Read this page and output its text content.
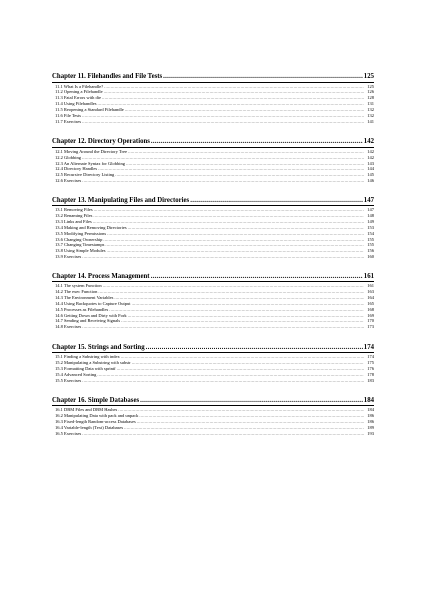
Chapter 11. Filehandles and File Tests .....	125
11.1 What Is a Filehandle? .....	125
11.2 Opening a Filehandle .....	126
11.3 Fatal Errors with die .....	128
11.4 Using Filehandles .....	131
11.5 Reopening a Standard Filehandle .....	132
11.6 File Tests .....	132
11.7 Exercises .....	141
Chapter 12. Directory Operations .....	142
12.1 Moving Around the Directory Tree .....	142
12.2 Globbing .....	142
12.3 An Alternate Syntax for Globbing .....	143
12.4 Directory Handles .....	144
12.5 Recursive Directory Listing .....	145
12.6 Exercises .....	146
Chapter 13. Manipulating Files and Directories .....	147
13.1 Removing Files .....	147
13.2 Renaming Files .....	148
13.3 Links and Files .....	149
13.4 Making and Removing Directories .....	153
13.5 Modifying Permissions .....	154
13.6 Changing Ownership .....	155
13.7 Changing Timestamps .....	155
13.8 Using Simple Modules .....	156
13.9 Exercises .....	160
Chapter 14. Process Management .....	161
14.1 The system Function .....	161
14.2 The exec Function .....	163
14.3 The Environment Variables .....	164
14.4 Using Backquotes to Capture Output .....	165
14.5 Processes as Filehandles .....	168
14.6 Getting Down and Dirty with Fork .....	169
14.7 Sending and Receiving Signals .....	170
14.8 Exercises .....	173
Chapter 15. Strings and Sorting .....	174
15.1 Finding a Substring with index .....	174
15.2 Manipulating a Substring with substr .....	175
15.3 Formatting Data with sprintf .....	176
15.4 Advanced Sorting .....	178
15.5 Exercises .....	183
Chapter 16. Simple Databases .....	184
16.1 DBM Files and DBM Hashes .....	184
16.2 Manipulating Data with pack and unpack .....	186
16.3 Fixed-length Random-access Databases .....	186
16.4 Variable-length (Text) Databases .....	189
16.5 Exercises .....	193
